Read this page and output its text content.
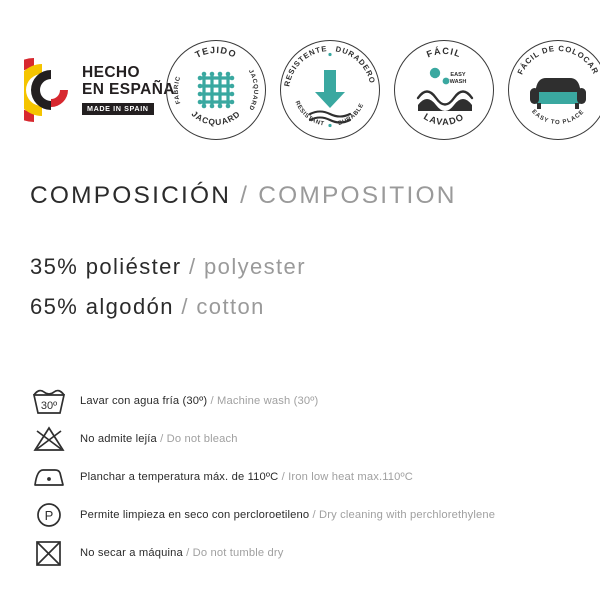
HECHO
EN ESPAÑA
MADE IN SPAIN
TEJIDO
JACQUARD
FABRIC
JACQUARD
RESISTENTE DURADERO
RESISTANT DURABLE
FÁCIL
LAVADO
EASY
WASH
FÁCIL DE COLOCAR
EASY TO PLACE
COMPOSICIÓN / COMPOSITION
35% poliéster / polyester
65% algodón / cotton
30º Lavar con agua fría (30º) / Machine wash (30º)
No admite lejía / Do not bleach
Planchar a temperatura máx. de 110ºC / Iron low heat max.110ºC
P Permite limpieza en seco con percloroetileno / Dry cleaning with perchlorethylene
No secar a máquina / Do not tumble dry
